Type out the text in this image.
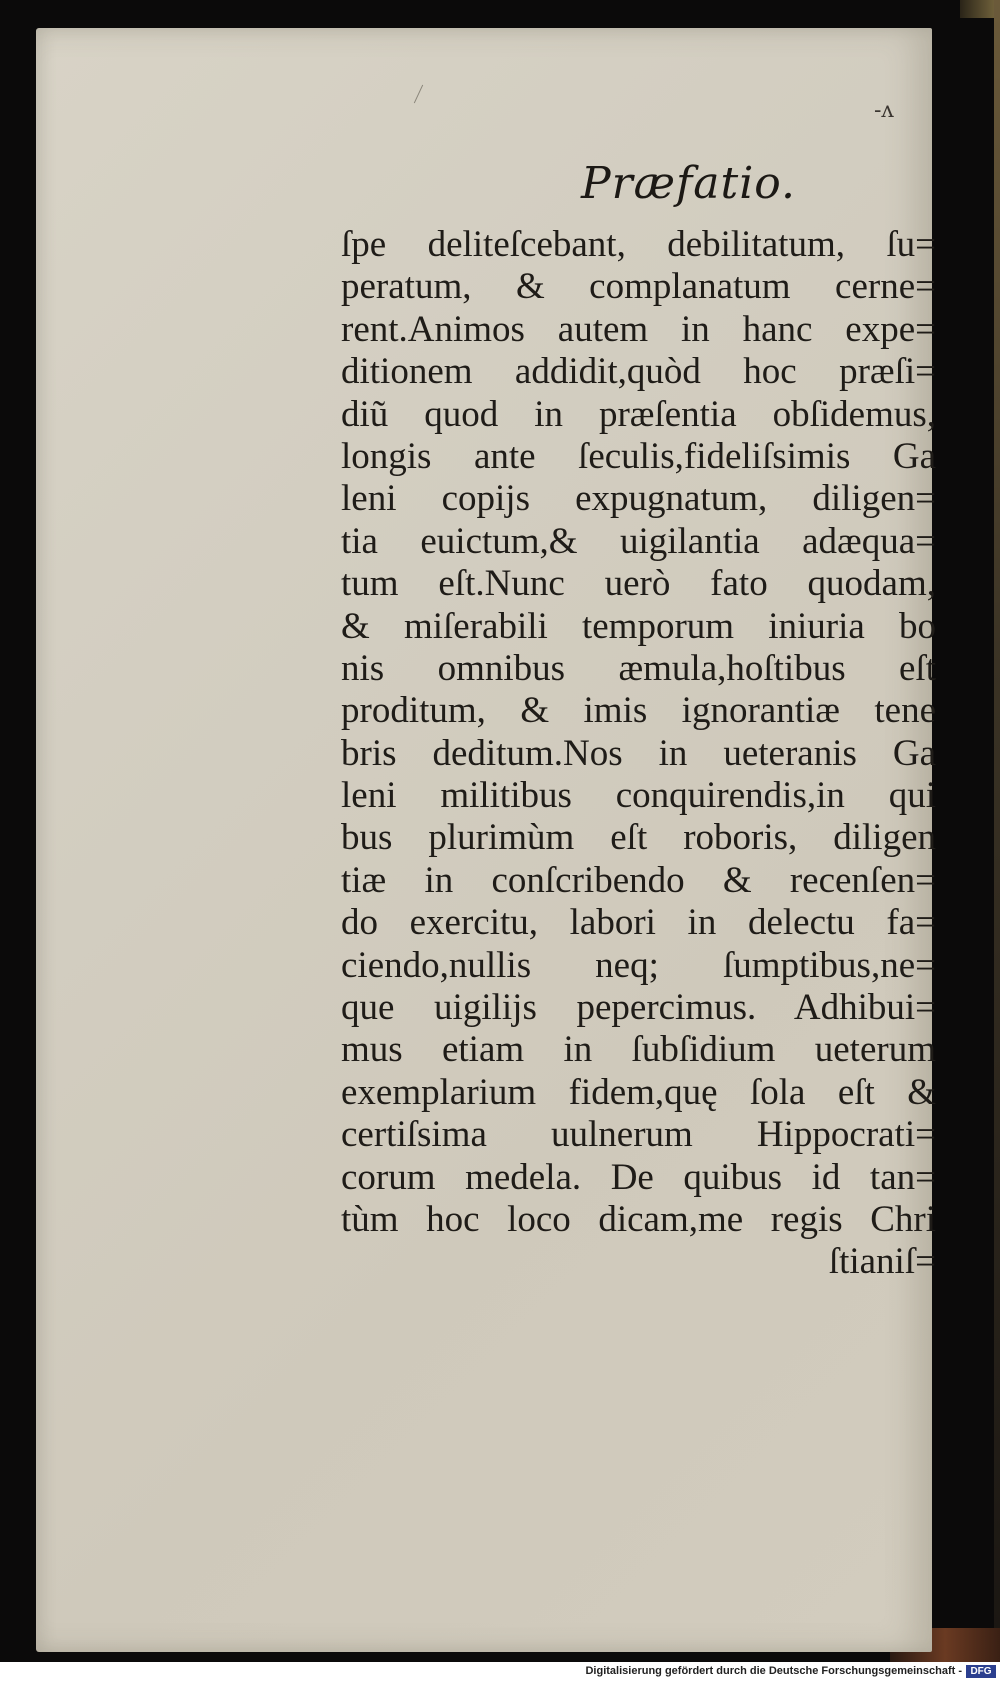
-ʌ
Præfatio.
ſpe deliteſcebant, debilitatum, ſu=
peratum, & complanatum cerne=
rent.Animos autem in hanc expe=
ditionem addidit,quòd hoc præſi=
diũ quod in præſentia obſidemus,
longis ante ſeculis,fideliſsimis Ga
leni copijs expugnatum, diligen=
tia euictum,& uigilantia adæqua=
tum eſt.Nunc uerò fato quodam,
& miſerabili temporum iniuria bo
nis omnibus æmula,hoſtibus eſt
proditum, & imis ignorantiæ tene
bris deditum.Nos in ueteranis Ga
leni militibus conquirendis,in qui
bus plurimùm eſt roboris, diligen
tiæ in conſcribendo & recenſen=
do exercitu, labori in delectu fa=
ciendo,nullis neq; ſumptibus,ne=
que uigilijs pepercimus. Adhibui=
mus etiam in ſubſidium ueterum
exemplarium fidem,quę ſola eſt &
certiſsima uulnerum Hippocrati=
corum medela. De quibus id tan=
tùm hoc loco dicam,me regis Chri
ſtianiſ=
Digitalisierung gefördert durch die Deutsche Forschungsgemeinschaft - DFG
